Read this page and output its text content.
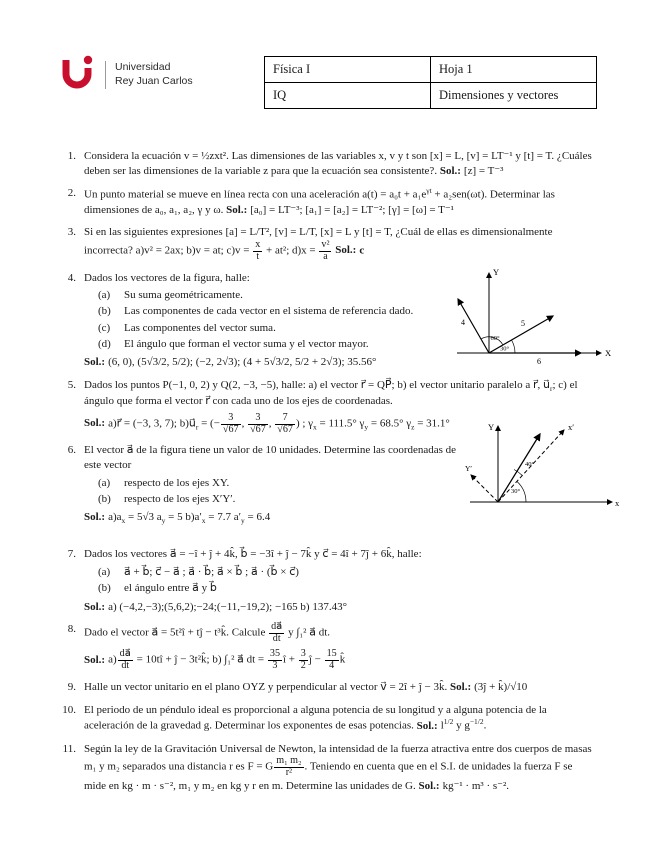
Universidad
Rey Juan Carlos
Física I	Hoja 1
IQ	Dimensiones y vectores
1. Considera la ecuación v = ½zxt². Las dimensiones de las variables x, v y t son [x] = L, [v] = LT⁻¹ y [t] = T. ¿Cuáles deben ser las dimensiones de la variable z para que la ecuación sea consistente?. Sol.: [z] = T⁻³
2. Un punto material se mueve en línea recta con una aceleración $a(t) = a_0t + a_1e^{\gamma t} + a_2sen(\omega t)$. Determinar las dimensiones de a₀, a₁, a₂, γ y ω. Sol.: [a₀] = LT⁻³; [a₁] = [a₂] = LT⁻²; [γ] = [ω] = T⁻¹
3. Si en las siguientes expresiones [a] = L/T², [v] = L/T, [x] = L y [t] = T, ¿Cuál de ellas es dimensionalmente incorrecta? a)v² = 2ax; b)v = at; $c)v = \frac{x}{t} + at^2$; $d)x = \frac{\text{v²}}{a}$ Sol.: c
4. Dados los vectores de la figura, halle:
(a)	Su suma geométricamente.
(b)	Las componentes de cada vector en el sistema de referencia dado.
(c)	Las componentes del vector suma.
(d)	El ángulo que forman el vector suma y el vector mayor.
Sol.: (6, 0), (5√3/2, 5/2); (−2, 2√3); (4 + 5√3/2, 5/2 + 2√3); 35.56°
Y
X
4	5
6
30°
60°
5. Dados los puntos P(−1, 0, 2) y Q(2, −3, −5), halle: a) el vector r⃗ = QP⃗; b) el vector unitario paralelo a r⃗, $u⃗_r$; c) el ángulo que forma el vector r⃗ con cada uno de los ejes de coordenadas.
Sol.: a)r⃗ = (−3, 3, 7); $b)u⃗_r$ = (− $\frac{3}{√67}$ , $\frac{3}{√67}$ , $\frac{7}{√67}$ ) ; $\gamma_x = 111.5^\circ$ $\gamma_y = 68.5^\circ$ $\gamma_z = 31.1^\circ$
6. El vector a⃗ de la figura tiene un valor de 10 unidades. Determine las coordenadas de este vector
(a)	respecto de los ejes XY.
(b)	respecto de los ejes X′Y′.
Sol.: $a)a_x = 5√3$ $a_y = 5$ $b)a'_x = 7.7$ $a'_y = 6.4$
x
Y	x′
Y′	40°
30°
7. Dados los vectores a⃗ = −î + ĵ + 4k̂, b⃗ = −3î + ĵ − 7k̂ y c⃗ = 4î + 7ĵ + 6k̂, halle:
(a)	a⃗ + b⃗; c⃗ − a⃗ ; a⃗ · b⃗; a⃗ × b⃗ ; a⃗ · (b⃗ × c⃗)
(b)	el ángulo entre a⃗ y b⃗
Sol.: a) (−4,2,−3);(5,6,2);−24;(−11,−19,2); −165 b) 137.43°
8. Dado el vector a⃗ = 5t²î + tĵ − t³k̂. Calcule $\frac{da⃗}{dt}$ y ∫₁² a⃗ dt.
Sol.: $a) \frac{da⃗}{dt}$ = 10tî + ĵ − 3t²k̂; b) ∫₁² a⃗ dt = $\frac{35}{3}$ î + $\frac{3}{2}$ ĵ − $\frac{15}{4}$ k̂
9. Halle un vector unitario en el plano OYZ y perpendicular al vector v⃗ = 2î + ĵ − 3k̂. Sol.: (3ĵ + k̂)/√10
10. El periodo de un péndulo ideal es proporcional a alguna potencia de su longitud y a alguna potencia de la aceleración de la gravedad g. Determinar los exponentes de esas potencias. Sol.: $l^{1/2}$ y $g^{-1/2}$.
11. Según la ley de la Gravitación Universal de Newton, la intensidad de la fuerza atractiva entre dos cuerpos de masas m₁ y m₂ separados una distancia r es F = G $\frac{\text{m₁ m₂}}{\text{r²}}$ . Teniendo en cuenta que en el S.I. de unidades la fuerza F se mide en kg · m · s⁻², m₁ y m₂ en kg y r en m. Determine las unidades de G. Sol.: kg⁻¹ · m³ · s⁻².
